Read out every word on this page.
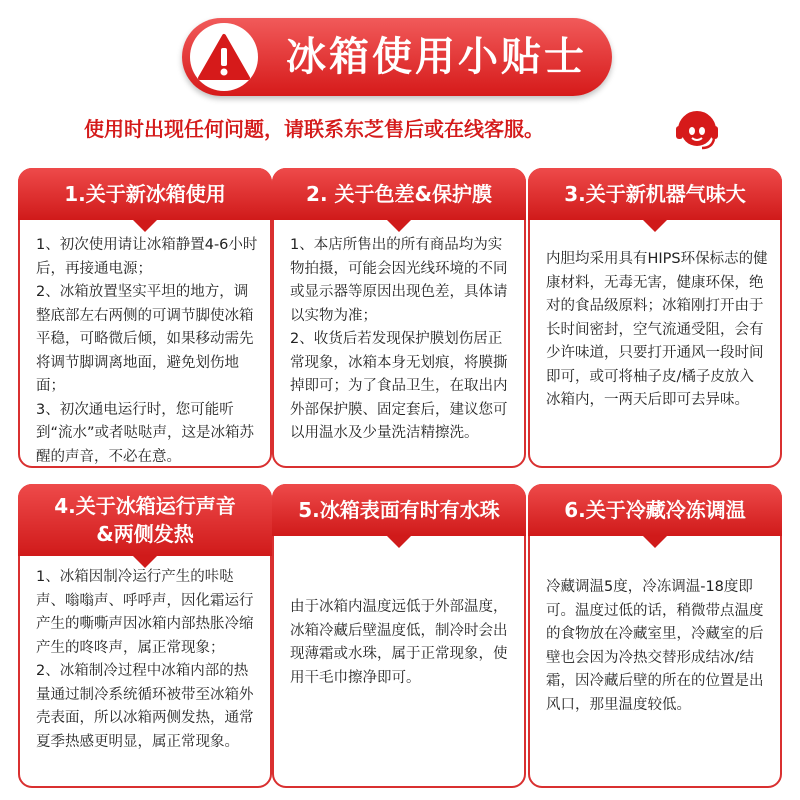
冰箱使用小贴士
使用时出现任何问题，请联系东芝售后或在线客服。
1.关于新冰箱使用
1、初次使用请让冰箱静置4-6小时后，再接通电源；
2、冰箱放置坚实平坦的地方，调整底部左右两侧的可调节脚使冰箱平稳，可略微后倾，如果移动需先将调节脚调离地面，避免划伤地面；
3、初次通电运行时，您可能听到“流水”或者哒哒声，这是冰箱苏醒的声音，不必在意。
2. 关于色差&保护膜
1、本店所售出的所有商品均为实物拍摄，可能会因光线环境的不同或显示器等原因出现色差，具体请以实物为准；
2、收货后若发现保护膜划伤居正常现象，冰箱本身无划痕，将膜撕掉即可；为了食品卫生，在取出内外部保护膜、固定套后，建议您可以用温水及少量洗洁精擦洗。
3.关于新机器气味大
内胆均采用具有HIPS环保标志的健康材料，无毒无害，健康环保，绝对的食品级原料；冰箱刚打开由于长时间密封，空气流通受阻，会有少许味道，只要打开通风一段时间即可，或可将柚子皮/橘子皮放入冰箱内，一两天后即可去异味。
4.关于冰箱运行声音
&两侧发热
1、冰箱因制冷运行产生的咔哒声、嗡嗡声、呼呼声，因化霜运行产生的嘶嘶声因冰箱内部热胀冷缩产生的咚咚声，属正常现象；
2、冰箱制冷过程中冰箱内部的热量通过制冷系统循环被带至冰箱外壳表面，所以冰箱两侧发热，通常夏季热感更明显，属正常现象。
5.冰箱表面有时有水珠
由于冰箱内温度远低于外部温度，冰箱冷藏后壁温度低，制冷时会出现薄霜或水珠，属于正常现象，使用干毛巾擦净即可。
6.关于冷藏冷冻调温
冷藏调温5度，冷冻调温-18度即可。温度过低的话，稍微带点温度的食物放在冷藏室里，冷藏室的后壁也会因为冷热交替形成结冰/结霜，因冷藏后壁的所在的位置是出风口，那里温度较低。
